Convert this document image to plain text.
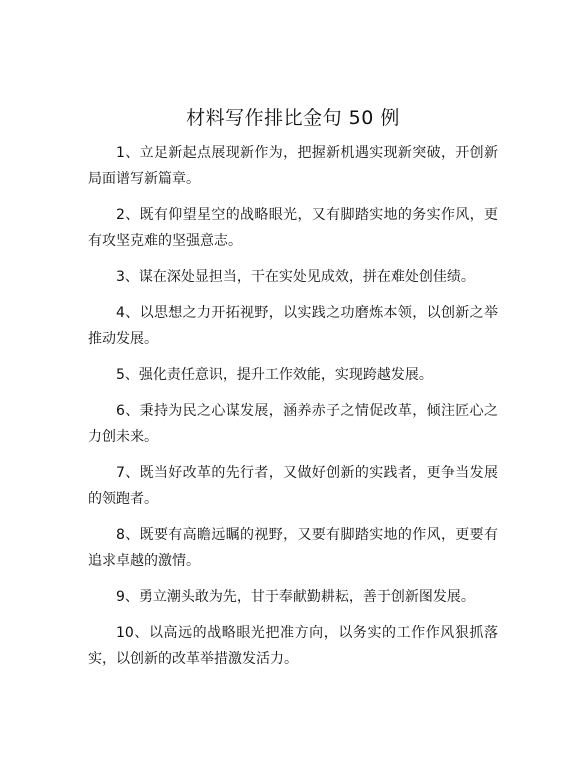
材料写作排比金句 50 例

1、立足新起点展现新作为，把握新机遇实现新突破，开创新局面谱写新篇章。

2、既有仰望星空的战略眼光，又有脚踏实地的务实作风，更有攻坚克难的坚强意志。

3、谋在深处显担当，干在实处见成效，拼在难处创佳绩。

4、以思想之力开拓视野，以实践之功磨炼本领，以创新之举推动发展。

5、强化责任意识，提升工作效能，实现跨越发展。

6、秉持为民之心谋发展，涵养赤子之情促改革，倾注匠心之力创未来。

7、既当好改革的先行者，又做好创新的实践者，更争当发展的领跑者。

8、既要有高瞻远瞩的视野，又要有脚踏实地的作风，更要有追求卓越的激情。

9、勇立潮头敢为先，甘于奉献勤耕耘，善于创新图发展。

10、以高远的战略眼光把准方向，以务实的工作作风狠抓落实，以创新的改革举措激发活力。
